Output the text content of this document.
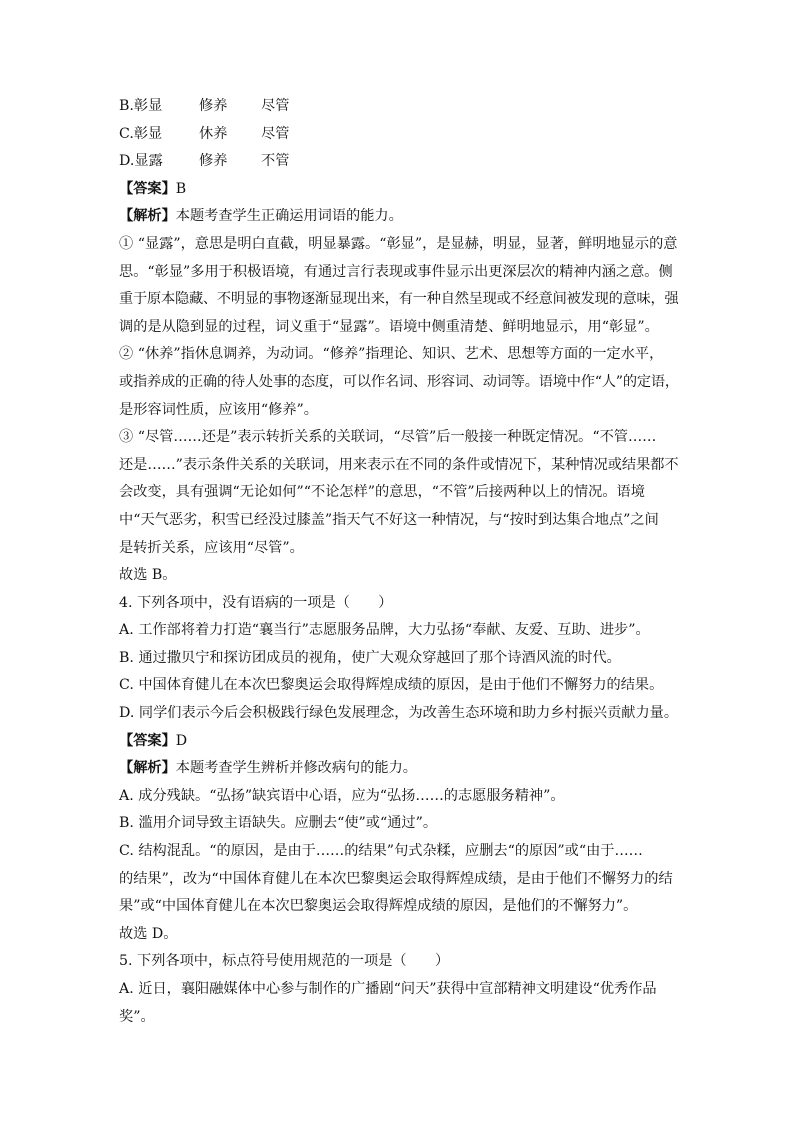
B.彰显	修养 尽管
C.彰显	休养 尽管
D.显露	修养 不管
【答案】B
【解析】本题考查学生正确运用词语的能力。
① “显露”，意思是明白直截，明显暴露。“彰显”，是显赫，明显，显著，鲜明地显示的意
思。“彰显”多用于积极语境，有通过言行表现或事件显示出更深层次的精神内涵之意。侧
重于原本隐藏、不明显的事物逐渐显现出来，有一种自然呈现或不经意间被发现的意味，强
调的是从隐到显的过程，词义重于“显露”。语境中侧重清楚、鲜明地显示，用“彰显”。
② “休养”指休息调养，为动词。“修养”指理论、知识、艺术、思想等方面的一定水平，
或指养成的正确的待人处事的态度，可以作名词、形容词、动词等。语境中作“人”的定语，
是形容词性质，应该用“修养”。
③ “尽管……还是”表示转折关系的关联词，“尽管”后一般接一种既定情况。“不管……
还是……”表示条件关系的关联词，用来表示在不同的条件或情况下，某种情况或结果都不
会改变，具有强调“无论如何”“不论怎样”的意思，“不管”后接两种以上的情况。语境
中“天气恶劣，积雪已经没过膝盖”指天气不好这一种情况，与“按时到达集合地点”之间
是转折关系，应该用“尽管”。
故选 B。
4. 下列各项中，没有语病的一项是（　　）
A. 工作部将着力打造“襄当行”志愿服务品牌，大力弘扬“奉献、友爱、互助、进步”。
B. 通过撒贝宁和探访团成员的视角，使广大观众穿越回了那个诗酒风流的时代。
C. 中国体育健儿在本次巴黎奥运会取得辉煌成绩的原因，是由于他们不懈努力的结果。
D. 同学们表示今后会积极践行绿色发展理念，为改善生态环境和助力乡村振兴贡献力量。
【答案】D
【解析】本题考查学生辨析并修改病句的能力。
A. 成分残缺。“弘扬”缺宾语中心语，应为“弘扬……的志愿服务精神”。
B. 滥用介词导致主语缺失。应删去“使”或“通过”。
C. 结构混乱。“的原因，是由于……的结果”句式杂糅，应删去“的原因”或“由于……
的结果”，改为“中国体育健儿在本次巴黎奥运会取得辉煌成绩，是由于他们不懈努力的结
果”或“中国体育健儿在本次巴黎奥运会取得辉煌成绩的原因，是他们的不懈努力”。
故选 D。
5. 下列各项中，标点符号使用规范的一项是（　　）
A. 近日，襄阳融媒体中心参与制作的广播剧“问天”获得中宣部精神文明建设“优秀作品
奖”。
